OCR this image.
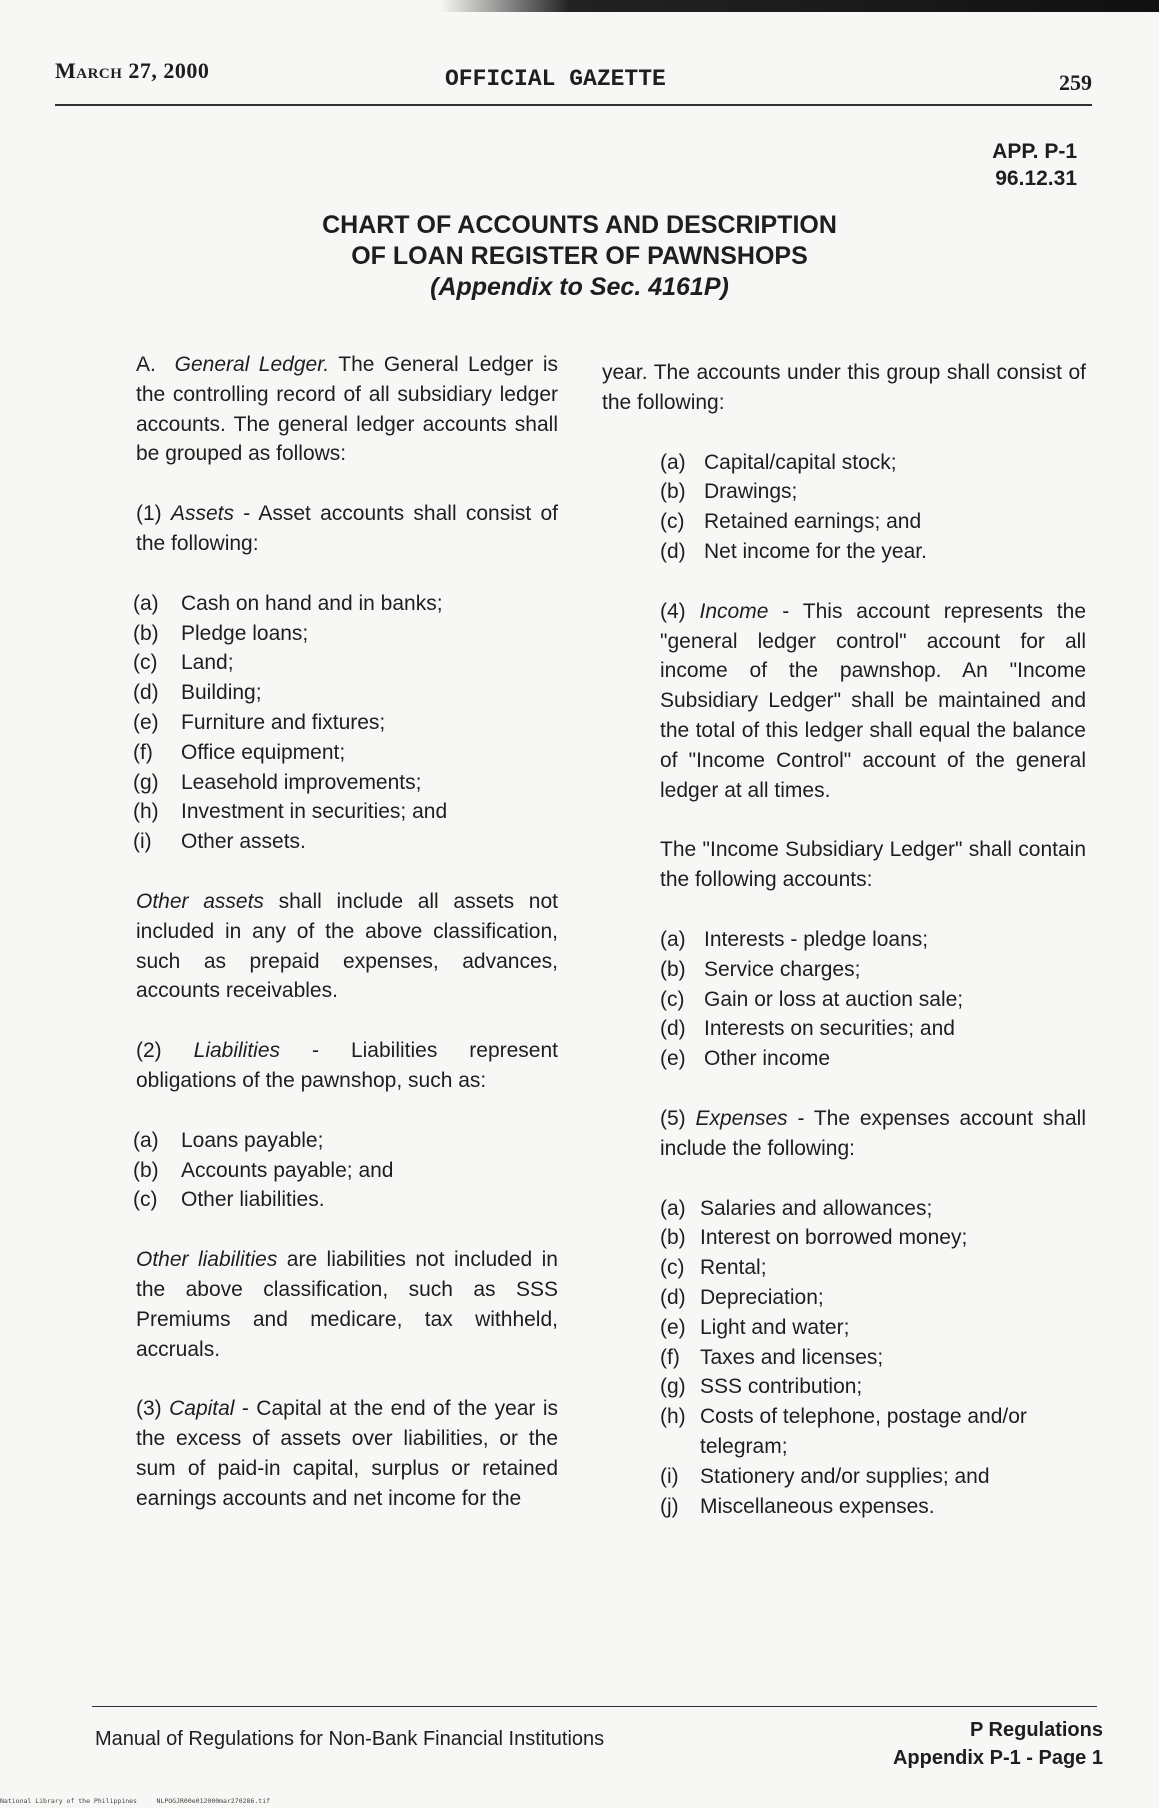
March 27, 2000	OFFICIAL GAZETTE	259
APP. P-1
96.12.31
CHART OF ACCOUNTS AND DESCRIPTION
OF LOAN REGISTER OF PAWNSHOPS
(Appendix to Sec. 4161P)

A. General Ledger. The General Ledger is the controlling record of all subsidiary ledger accounts. The general ledger accounts shall be grouped as follows:

(1) Assets - Asset accounts shall consist of the following:

(a)	Cash on hand and in banks;
(b)	Pledge loans;
(c)	Land;
(d)	Building;
(e)	Furniture and fixtures;
(f)	Office equipment;
(g)	Leasehold improvements;
(h)	Investment in securities; and
(i)	Other assets.

Other assets shall include all assets not included in any of the above classification, such as prepaid expenses, advances, accounts receivables.

(2) Liabilities - Liabilities represent obligations of the pawnshop, such as:

(a)	Loans payable;
(b)	Accounts payable; and
(c)	Other liabilities.

Other liabilities are liabilities not included in the above classification, such as SSS Premiums and medicare, tax withheld, accruals.

(3) Capital - Capital at the end of the year is the excess of assets over liabilities, or the sum of paid-in capital, surplus or retained earnings accounts and net income for the

year. The accounts under this group shall consist of the following:

(a) Capital/capital stock;
(b) Drawings;
(c) Retained earnings; and
(d) Net income for the year.

(4) Income - This account represents the "general ledger control" account for all income of the pawnshop. An "Income Subsidiary Ledger" shall be maintained and the total of this ledger shall equal the balance of "Income Control" account of the general ledger at all times.

The "Income Subsidiary Ledger" shall contain the following accounts:

(a) Interests - pledge loans;
(b) Service charges;
(c) Gain or loss at auction sale;
(d) Interests on securities; and
(e) Other income

(5) Expenses - The expenses account shall include the following:

(a) Salaries and allowances;
(b) Interest on borrowed money;
(c) Rental;
(d) Depreciation;
(e) Light and water;
(f) Taxes and licenses;
(g) SSS contribution;
(h) Costs of telephone, postage and/or telegram;
(i)	Stationery and/or supplies; and
(j)	Miscellaneous expenses.
Manual of Regulations for Non-Bank Financial Institutions	P Regulations
Appendix P-1 - Page 1
National Library of the Philippines     NLPOGJR00e012000mar270286.tif
